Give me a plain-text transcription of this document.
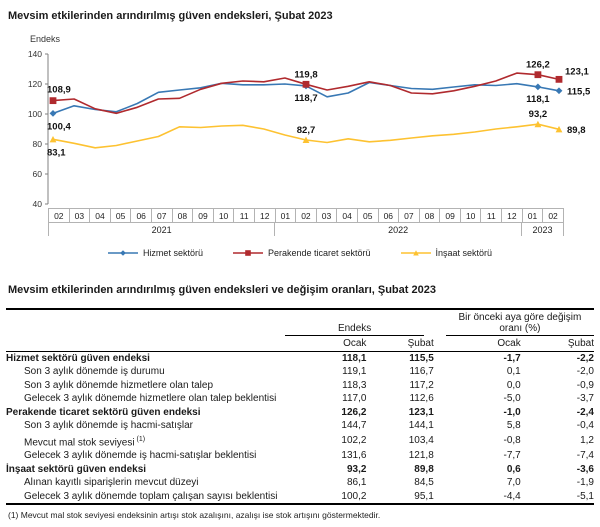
Mevsim etkilerinden arındırılmış güven endeksleri, Şubat 2023
Endeks
140
120
100
80
60
40
100,4
118,7	118,1
115,5
108,9
119,8
126,2
123,1
83,1
82,7
93,2
89,8
02	03	04	05	06	07	08	09	10	11	12	01	02	03	04	05	06	07	08	09	10	11	12	01	02
2021	2022	2023
Hizmet sektörü	Perakende ticaret sektörü	İnşaat sektörü
Mevsim etkilerinden arındırılmış güven endeksleri ve değişim oranları, Şubat 2023

	Endeks		Bir önceki aya göre değişim oranı (%)	

	Ocak	Şubat	Ocak	Şubat
Hizmet sektörü güven endeksi	118,1	115,5	-1,7	-2,2
Son 3 aylık dönemde iş durumu	119,1	116,7	0,1	-2,0
Son 3 aylık dönemde hizmetlere olan talep	118,3	117,2	0,0	-0,9
Gelecek 3 aylık dönemde hizmetlere olan talep beklentisi	117,0	112,6	-5,0	-3,7
Perakende ticaret sektörü güven endeksi	126,2	123,1	-1,0	-2,4
Son 3 aylık dönemde iş hacmi-satışlar	144,7	144,1	5,8	-0,4
Mevcut mal stok seviyesi $^{(1)}$	102,2	103,4	-0,8	1,2
Gelecek 3 aylık dönemde iş hacmi-satışlar beklentisi	131,6	121,8	-7,7	-7,4
İnşaat sektörü güven endeksi	93,2	89,8	0,6	-3,6
Alınan kayıtlı siparişlerin mevcut düzeyi	86,1	84,5	7,0	-1,9
Gelecek 3 aylık dönemde toplam çalışan sayısı beklentisi	100,2	95,1	-4,4	-5,1
(1) Mevcut mal stok seviyesi endeksinin artışı stok azalışını, azalışı ise stok artışını göstermektedir.
